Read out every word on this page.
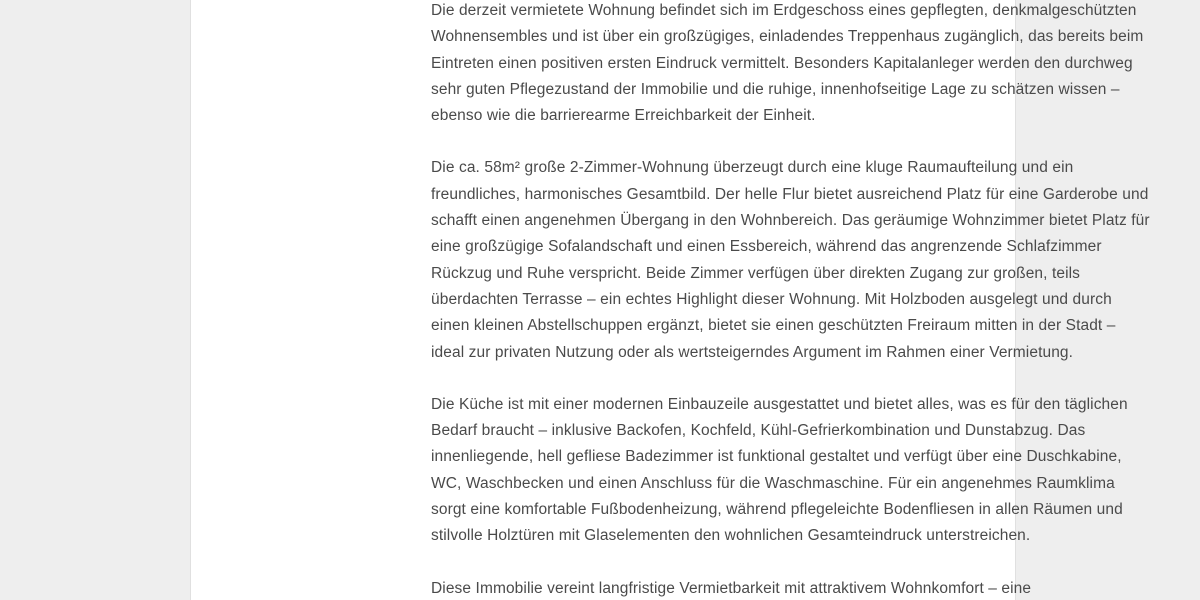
Die derzeit vermietete Wohnung befindet sich im Erdgeschoss eines gepflegten, denkmalgeschützten Wohnensembles und ist über ein großzügiges, einladendes Treppenhaus zugänglich, das bereits beim Eintreten einen positiven ersten Eindruck vermittelt. Besonders Kapitalanleger werden den durchweg sehr guten Pflegezustand der Immobilie und die ruhige, innenhofseitige Lage zu schätzen wissen – ebenso wie die barrierearme Erreichbarkeit der Einheit.

Die ca. 58m² große 2-Zimmer-Wohnung überzeugt durch eine kluge Raumaufteilung und ein freundliches, harmonisches Gesamtbild. Der helle Flur bietet ausreichend Platz für eine Garderobe und schafft einen angenehmen Übergang in den Wohnbereich. Das geräumige Wohnzimmer bietet Platz für eine großzügige Sofalandschaft und einen Essbereich, während das angrenzende Schlafzimmer Rückzug und Ruhe verspricht. Beide Zimmer verfügen über direkten Zugang zur großen, teils überdachten Terrasse – ein echtes Highlight dieser Wohnung. Mit Holzboden ausgelegt und durch einen kleinen Abstellschuppen ergänzt, bietet sie einen geschützten Freiraum mitten in der Stadt – ideal zur privaten Nutzung oder als wertsteigerndes Argument im Rahmen einer Vermietung.

Die Küche ist mit einer modernen Einbauzeile ausgestattet und bietet alles, was es für den täglichen Bedarf braucht – inklusive Backofen, Kochfeld, Kühl-Gefrierkombination und Dunstabzug. Das innenliegende, hell gefliese Badezimmer ist funktional gestaltet und verfügt über eine Duschkabine, WC, Waschbecken und einen Anschluss für die Waschmaschine. Für ein angenehmes Raumklima sorgt eine komfortable Fußbodenheizung, während pflegeleichte Bodenfliesen in allen Räumen und stilvolle Holztüren mit Glaselementen den wohnlichen Gesamteindruck unterstreichen.

Diese Immobilie vereint langfristige Vermietbarkeit mit attraktivem Wohnkomfort – eine
